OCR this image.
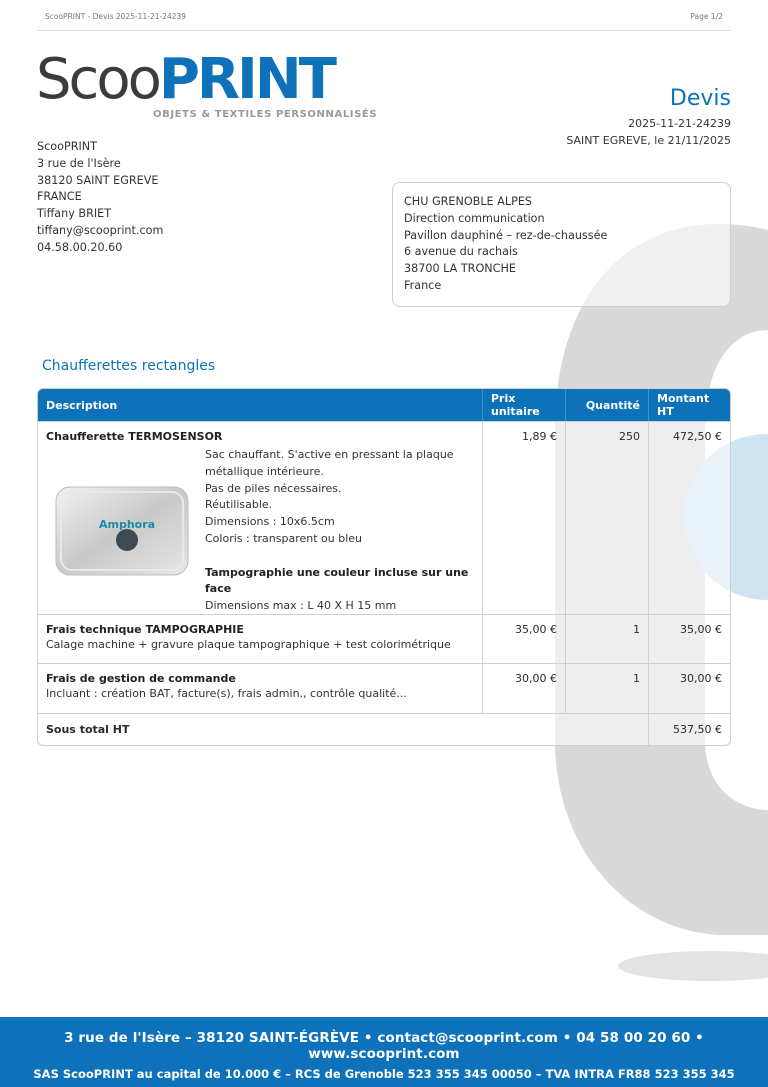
ScooPRINT - Devis 2025-11-21-24239	Page 1/2
ScooPRINT
OBJETS & TEXTILES PERSONNALISÉS
Devis
2025-11-21-24239
SAINT EGREVE, le 21/11/2025
ScooPRINT
3 rue de l'Isère
38120 SAINT EGREVE
FRANCE
Tiffany BRIET
tiffany@scooprint.com
04.58.00.20.60
CHU GRENOBLE ALPES
Direction communication
Pavillon dauphiné – rez-de-chaussée
6 avenue du rachais
38700 LA TRONCHE
France
Chaufferettes rectangles
Description	Prix unitaire	Quantité	Montant HT
Chaufferette TERMOSENSOR
Amphora
Sac chauffant. S'active en pressant la plaque
métallique intérieure.
Pas de piles nécessaires.
Réutilisable.
Dimensions : 10x6.5cm
Coloris : transparent ou bleu
Tampographie une couleur incluse sur une face
Dimensions max : L 40 X H 15 mm
1,89 €	250	472,50 €
Frais technique TAMPOGRAPHIE
Calage machine + gravure plaque tampographique + test colorimétrique
35,00 €	1	35,00 €
Frais de gestion de commande
Incluant : création BAT, facture(s), frais admin., contrôle qualité...
30,00 €	1	30,00 €
Sous total HT	537,50 €
3 rue de l'Isère – 38120 SAINT-ÉGRÈVE • contact@scooprint.com • 04 58 00 20 60 • www.scooprint.com
SAS ScooPRINT au capital de 10.000 € – RCS de Grenoble 523 355 345 00050 – TVA INTRA FR88 523 355 345
